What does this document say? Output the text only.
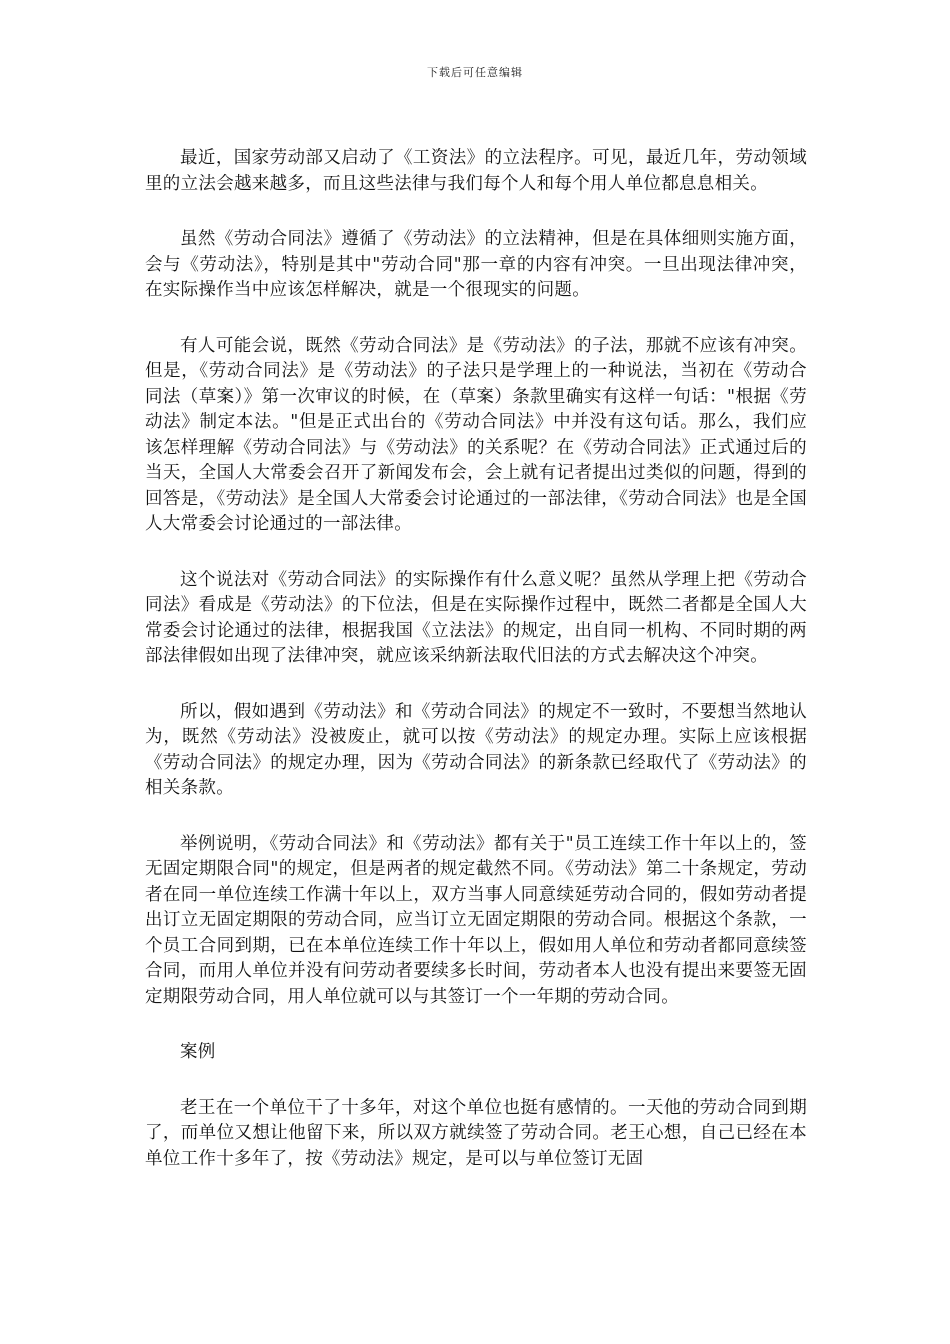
下载后可任意编辑

最近，国家劳动部又启动了《工资法》的立法程序。可见，最近几年，劳动领域里的立法会越来越多，而且这些法律与我们每个人和每个用人单位都息息相关。

虽然《劳动合同法》遵循了《劳动法》的立法精神，但是在具体细则实施方面，会与《劳动法》，特别是其中"劳动合同"那一章的内容有冲突。一旦出现法律冲突，在实际操作当中应该怎样解决，就是一个很现实的问题。

有人可能会说，既然《劳动合同法》是《劳动法》的子法，那就不应该有冲突。但是，《劳动合同法》是《劳动法》的子法只是学理上的一种说法，当初在《劳动合同法（草案）》第一次审议的时候，在（草案）条款里确实有这样一句话："根据《劳动法》制定本法。"但是正式出台的《劳动合同法》中并没有这句话。那么，我们应该怎样理解《劳动合同法》与《劳动法》的关系呢？在《劳动合同法》正式通过后的当天，全国人大常委会召开了新闻发布会，会上就有记者提出过类似的问题，得到的回答是，《劳动法》是全国人大常委会讨论通过的一部法律，《劳动合同法》也是全国人大常委会讨论通过的一部法律。

这个说法对《劳动合同法》的实际操作有什么意义呢？虽然从学理上把《劳动合同法》看成是《劳动法》的下位法，但是在实际操作过程中，既然二者都是全国人大常委会讨论通过的法律，根据我国《立法法》的规定，出自同一机构、不同时期的两部法律假如出现了法律冲突，就应该采纳新法取代旧法的方式去解决这个冲突。

所以，假如遇到《劳动法》和《劳动合同法》的规定不一致时，不要想当然地认为，既然《劳动法》没被废止，就可以按《劳动法》的规定办理。实际上应该根据《劳动合同法》的规定办理，因为《劳动合同法》的新条款已经取代了《劳动法》的相关条款。

举例说明，《劳动合同法》和《劳动法》都有关于"员工连续工作十年以上的，签无固定期限合同"的规定，但是两者的规定截然不同。《劳动法》第二十条规定，劳动者在同一单位连续工作满十年以上，双方当事人同意续延劳动合同的，假如劳动者提出订立无固定期限的劳动合同，应当订立无固定期限的劳动合同。根据这个条款，一个员工合同到期，已在本单位连续工作十年以上，假如用人单位和劳动者都同意续签合同，而用人单位并没有问劳动者要续多长时间，劳动者本人也没有提出来要签无固定期限劳动合同，用人单位就可以与其签订一个一年期的劳动合同。

案例

老王在一个单位干了十多年，对这个单位也挺有感情的。一天他的劳动合同到期了，而单位又想让他留下来，所以双方就续签了劳动合同。老王心想，自己已经在本单位工作十多年了，按《劳动法》规定，是可以与单位签订无固
